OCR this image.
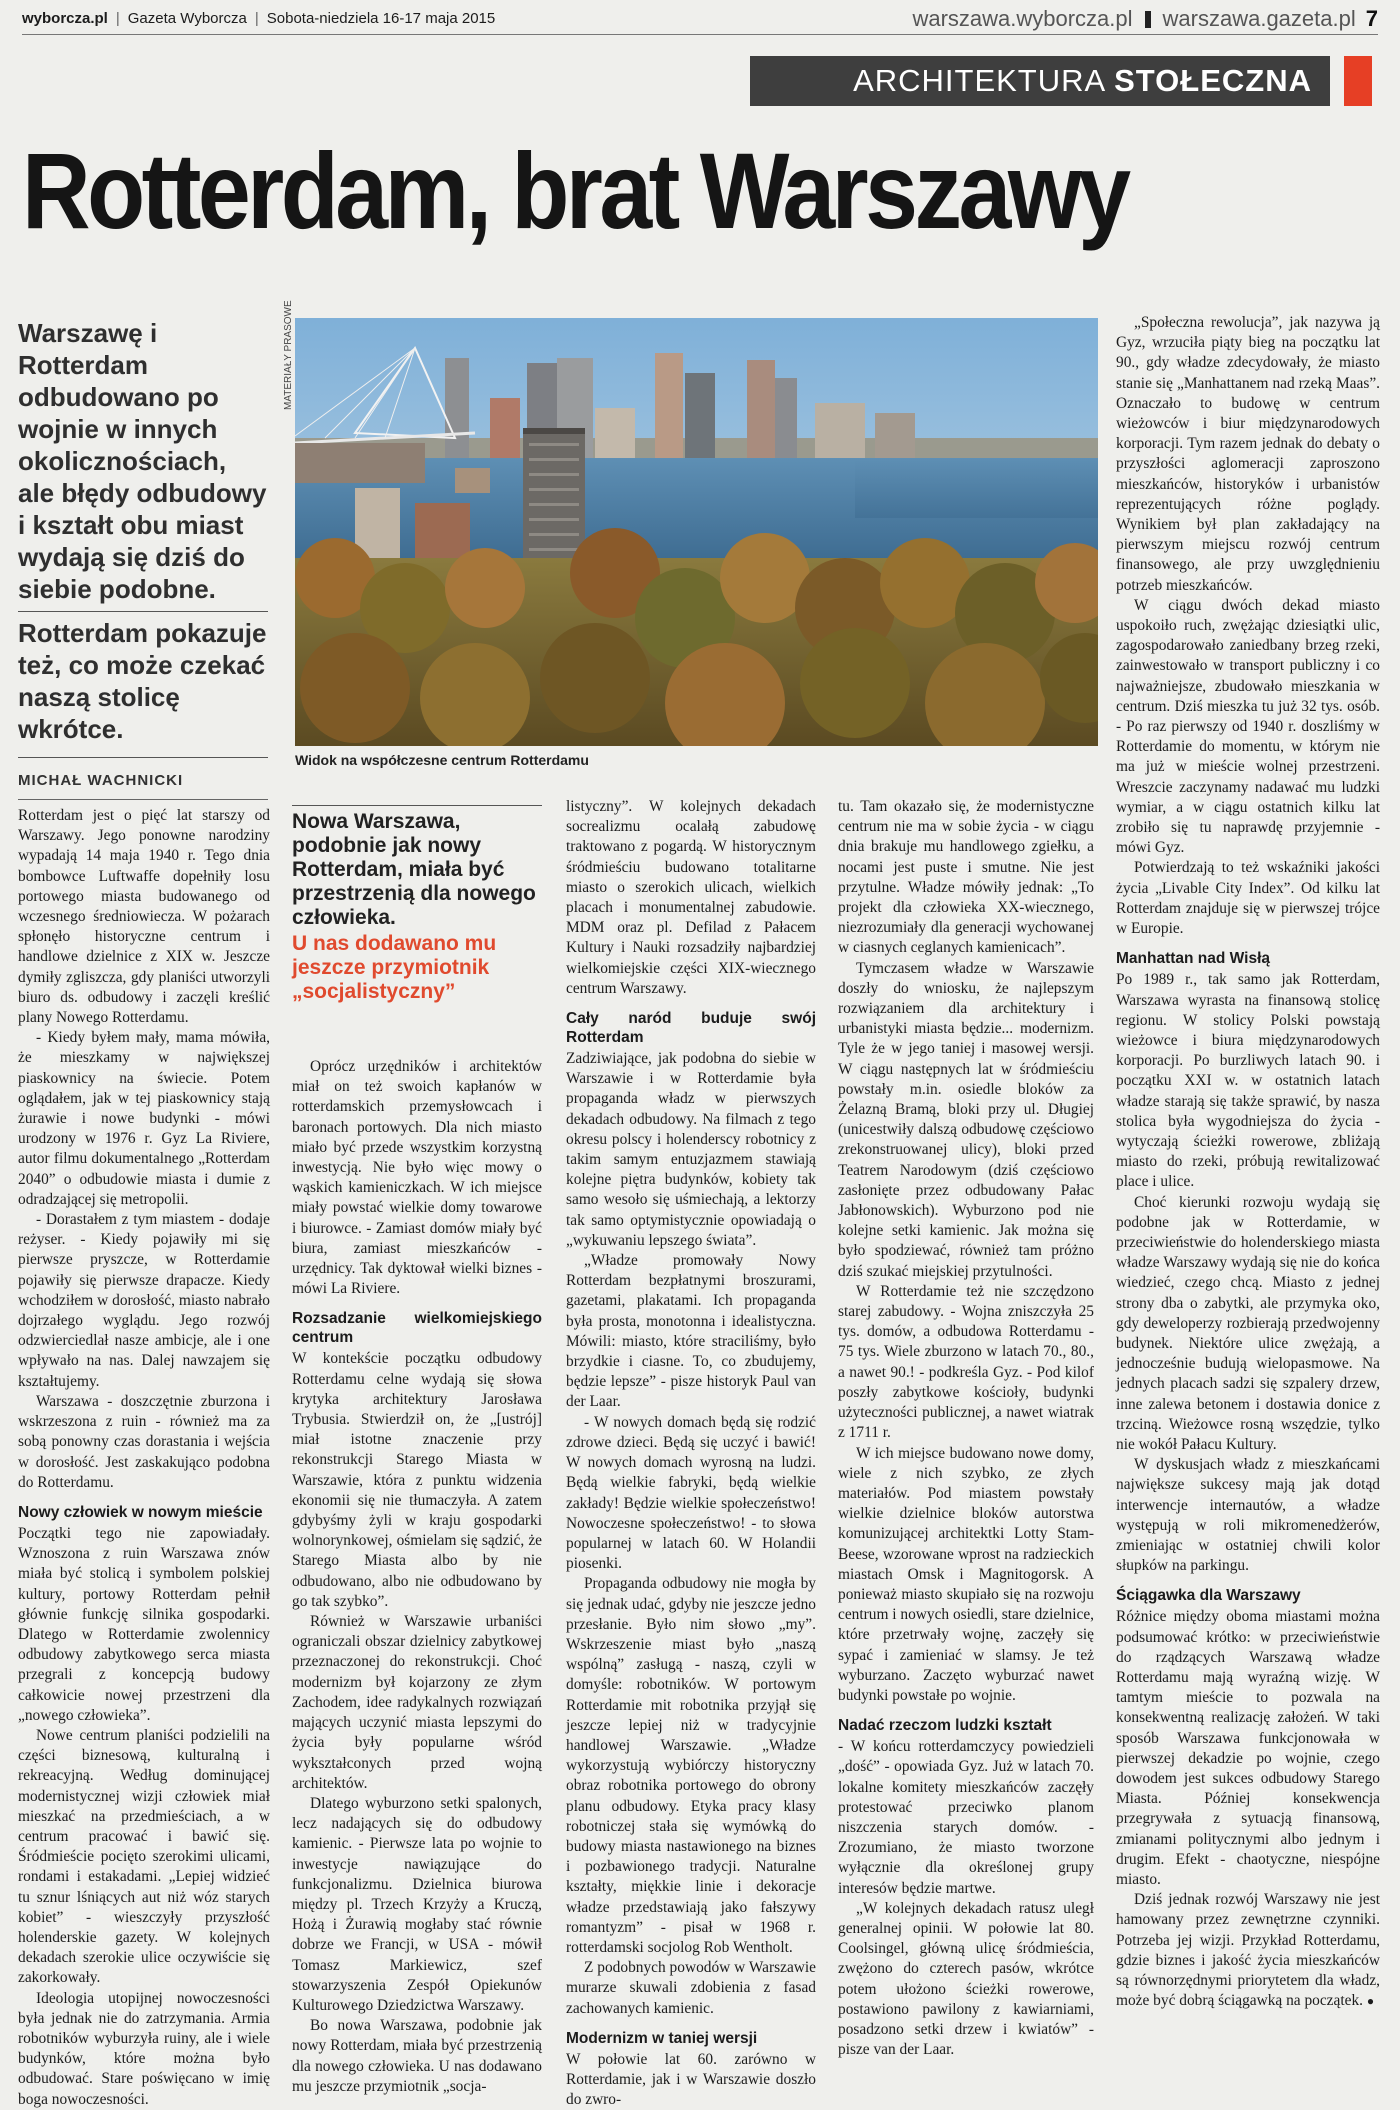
wyborcza.pl | Gazeta Wyborcza | Sobota-niedziela 16-17 maja 2015	warszawa.wyborcza.pl warszawa.gazeta.pl 7
ARCHITEKTURA STOŁECZNA
Rotterdam, brat Warszawy
Warszawę i Rotterdam odbudowano po wojnie w innych okolicznościach, ale błędy odbudowy i kształt obu miast wydają się dziś do siebie podobne.
Rotterdam pokazuje też, co może czekać naszą stolicę wkrótce.
MICHAŁ WACHNICKI
MATERIAŁY PRASOWE
Widok na współczesne centrum Rotterdamu
Nowa Warszawa, podobnie jak nowy Rotterdam, miała być przestrzenią dla nowego człowieka.
U nas dodawano mu jeszcze przymiotnik „socjalistyczny”

Rotterdam jest o pięć lat starszy od Warszawy. Jego ponowne narodziny wypadają 14 maja 1940 r. Tego dnia bombowce Luftwaffe dopełniły losu portowego miasta budowanego od wczesnego średniowiecza. W pożarach spłonęło historyczne centrum i handlowe dzielnice z XIX w. Jeszcze dymiły zgliszcza, gdy planiści utworzyli biuro ds. odbudowy i zaczęli kreślić plany Nowego Rotterdamu.

- Kiedy byłem mały, mama mówiła, że mieszkamy w największej piaskownicy na świecie. Potem oglądałem, jak w tej piaskownicy stają żurawie i nowe budynki - mówi urodzony w 1976 r. Gyz La Riviere, autor filmu dokumentalnego „Rotterdam 2040” o odbudowie miasta i dumie z odradzającej się metropolii.

- Dorastałem z tym miastem - dodaje reżyser. - Kiedy pojawiły mi się pierwsze pryszcze, w Rotterdamie pojawiły się pierwsze drapacze. Kiedy wchodziłem w dorosłość, miasto nabrało dojrzałego wyglądu. Jego rozwój odzwierciedlał nasze ambicje, ale i one wpływało na nas. Dalej nawzajem się kształtujemy.

Warszawa - doszczętnie zburzona i wskrzeszona z ruin - również ma za sobą ponowny czas dorastania i wejścia w dorosłość. Jest zaskakująco podobna do Rotterdamu.

Nowy człowiek w nowym mieście

Początki tego nie zapowiadały. Wznoszona z ruin Warszawa znów miała być stolicą i symbolem polskiej kultury, portowy Rotterdam pełnił głównie funkcję silnika gospodarki. Dlatego w Rotterdamie zwolennicy odbudowy zabytkowego serca miasta przegrali z koncepcją budowy całkowicie nowej przestrzeni dla „nowego człowieka”.

Nowe centrum planiści podzielili na części biznesową, kulturalną i rekreacyjną. Według dominującej modernistycznej wizji człowiek miał mieszkać na przedmieściach, a w centrum pracować i bawić się. Śródmieście pocięto szerokimi ulicami, rondami i estakadami. „Lepiej widzieć tu sznur lśniących aut niż wóz starych kobiet” - wieszczyły przyszłość holenderskie gazety. W kolejnych dekadach szerokie ulice oczywiście się zakorkowały.

Ideologia utopijnej nowoczesności była jednak nie do zatrzymania. Armia robotników wyburzyła ruiny, ale i wiele budynków, które można było odbudować. Stare poświęcano w imię boga nowoczesności.

Oprócz urzędników i architektów miał on też swoich kapłanów w rotterdamskich przemysłowcach i baronach portowych. Dla nich miasto miało być przede wszystkim korzystną inwestycją. Nie było więc mowy o wąskich kamieniczkach. W ich miejsce miały powstać wielkie domy towarowe i biurowce. - Zamiast domów miały być biura, zamiast mieszkańców - urzędnicy. Tak dyktował wielki biznes - mówi La Riviere.

Rozsadzanie wielkomiejskiego centrum

W kontekście początku odbudowy Rotterdamu celne wydają się słowa krytyka architektury Jarosława Trybusia. Stwierdził on, że „[ustrój] miał istotne znaczenie przy rekonstrukcji Starego Miasta w Warszawie, która z punktu widzenia ekonomii się nie tłumaczyła. A zatem gdybyśmy żyli w kraju gospodarki wolnorynkowej, ośmielam się sądzić, że Starego Miasta albo by nie odbudowano, albo nie odbudowano by go tak szybko”.

Również w Warszawie urbaniści ograniczali obszar dzielnicy zabytkowej przeznaczonej do rekonstrukcji. Choć modernizm był kojarzony ze złym Zachodem, idee radykalnych rozwiązań mających uczynić miasta lepszymi do życia były popularne wśród wykształconych przed wojną architektów.

Dlatego wyburzono setki spalonych, lecz nadających się do odbudowy kamienic. - Pierwsze lata po wojnie to inwestycje nawiązujące do funkcjonalizmu. Dzielnica biurowa między pl. Trzech Krzyży a Kruczą, Hożą i Żurawią mogłaby stać równie dobrze we Francji, w USA - mówił Tomasz Markiewicz, szef stowarzyszenia Zespół Opiekunów Kulturowego Dziedzictwa Warszawy.

Bo nowa Warszawa, podobnie jak nowy Rotterdam, miała być przestrzenią dla nowego człowieka. U nas dodawano mu jeszcze przymiotnik „socja-

listyczny”. W kolejnych dekadach socrealizmu ocalałą zabudowę traktowano z pogardą. W historycznym śródmieściu budowano totalitarne miasto o szerokich ulicach, wielkich placach i monumentalnej zabudowie. MDM oraz pl. Defilad z Pałacem Kultury i Nauki rozsadziły najbardziej wielkomiejskie części XIX-wiecznego centrum Warszawy.

Cały naród buduje swój Rotterdam

Zadziwiające, jak podobna do siebie w Warszawie i w Rotterdamie była propaganda władz w pierwszych dekadach odbudowy. Na filmach z tego okresu polscy i holenderscy robotnicy z takim samym entuzjazmem stawiają kolejne piętra budynków, kobiety tak samo wesoło się uśmiechają, a lektorzy tak samo optymistycznie opowiadają o „wykuwaniu lepszego świata”.

„Władze promowały Nowy Rotterdam bezpłatnymi broszurami, gazetami, plakatami. Ich propaganda była prosta, monotonna i idealistyczna. Mówili: miasto, które straciliśmy, było brzydkie i ciasne. To, co zbudujemy, będzie lepsze” - pisze historyk Paul van der Laar.

- W nowych domach będą się rodzić zdrowe dzieci. Będą się uczyć i bawić! W nowych domach wyrosną na ludzi. Będą wielkie fabryki, będą wielkie zakłady! Będzie wielkie społeczeństwo! Nowoczesne społeczeństwo! - to słowa popularnej w latach 60. W Holandii piosenki.

Propaganda odbudowy nie mogła by się jednak udać, gdyby nie jeszcze jedno przesłanie. Było nim słowo „my”. Wskrzeszenie miast było „naszą wspólną” zasługą - naszą, czyli w domyśle: robotników. W portowym Rotterdamie mit robotnika przyjął się jeszcze lepiej niż w tradycyjnie handlowej Warszawie. „Władze wykorzystują wybiórczy historyczny obraz robotnika portowego do obrony planu odbudowy. Etyka pracy klasy robotniczej stała się wymówką do budowy miasta nastawionego na biznes i pozbawionego tradycji. Naturalne kształty, miękkie linie i dekoracje władze przedstawiają jako fałszywy romantyzm” - pisał w 1968 r. rotterdamski socjolog Rob Wentholt.

Z podobnych powodów w Warszawie murarze skuwali zdobienia z fasad zachowanych kamienic.

Modernizm w taniej wersji

W połowie lat 60. zarówno w Rotterdamie, jak i w Warszawie doszło do zwro-

tu. Tam okazało się, że modernistyczne centrum nie ma w sobie życia - w ciągu dnia brakuje mu handlowego zgiełku, a nocami jest puste i smutne. Nie jest przytulne. Władze mówiły jednak: „To projekt dla człowieka XX-wiecznego, niezrozumiały dla generacji wychowanej w ciasnych ceglanych kamienicach”.

Tymczasem władze w Warszawie doszły do wniosku, że najlepszym rozwiązaniem dla architektury i urbanistyki miasta będzie... modernizm. Tyle że w jego taniej i masowej wersji. W ciągu następnych lat w śródmieściu powstały m.in. osiedle bloków za Żelazną Bramą, bloki przy ul. Długiej (unicestwiły dalszą odbudowę częściowo zrekonstruowanej ulicy), bloki przed Teatrem Narodowym (dziś częściowo zasłonięte przez odbudowany Pałac Jabłonowskich). Wyburzono pod nie kolejne setki kamienic. Jak można się było spodziewać, również tam próżno dziś szukać miejskiej przytulności.

W Rotterdamie też nie szczędzono starej zabudowy. - Wojna zniszczyła 25 tys. domów, a odbudowa Rotterdamu - 75 tys. Wiele zburzono w latach 70., 80., a nawet 90.! - podkreśla Gyz. - Pod kilof poszły zabytkowe kościoły, budynki użyteczności publicznej, a nawet wiatrak z 1711 r.

W ich miejsce budowano nowe domy, wiele z nich szybko, ze złych materiałów. Pod miastem powstały wielkie dzielnice bloków autorstwa komunizującej architektki Lotty Stam-Beese, wzorowane wprost na radzieckich miastach Omsk i Magnitogorsk. A ponieważ miasto skupiało się na rozwoju centrum i nowych osiedli, stare dzielnice, które przetrwały wojnę, zaczęły się sypać i zamieniać w slamsy. Je też wyburzano. Zaczęto wyburzać nawet budynki powstałe po wojnie.

Nadać rzeczom ludzki kształt

- W końcu rotterdamczycy powiedzieli „dość” - opowiada Gyz. Już w latach 70. lokalne komitety mieszkańców zaczęły protestować przeciwko planom niszczenia starych domów. - Zrozumiano, że miasto tworzone wyłącznie dla określonej grupy interesów będzie martwe.

„W kolejnych dekadach ratusz uległ generalnej opinii. W połowie lat 80. Coolsingel, główną ulicę śródmieścia, zwężono do czterech pasów, wkrótce potem ułożono ścieżki rowerowe, postawiono pawilony z kawiarniami, posadzono setki drzew i kwiatów” - pisze van der Laar.

„Społeczna rewolucja”, jak nazywa ją Gyz, wrzuciła piąty bieg na początku lat 90., gdy władze zdecydowały, że miasto stanie się „Manhattanem nad rzeką Maas”. Oznaczało to budowę w centrum wieżowców i biur międzynarodowych korporacji. Tym razem jednak do debaty o przyszłości aglomeracji zaproszono mieszkańców, historyków i urbanistów reprezentujących różne poglądy. Wynikiem był plan zakładający na pierwszym miejscu rozwój centrum finansowego, ale przy uwzględnieniu potrzeb mieszkańców.

W ciągu dwóch dekad miasto uspokoiło ruch, zwężając dziesiątki ulic, zagospodarowało zaniedbany brzeg rzeki, zainwestowało w transport publiczny i co najważniejsze, zbudowało mieszkania w centrum. Dziś mieszka tu już 32 tys. osób. - Po raz pierwszy od 1940 r. doszliśmy w Rotterdamie do momentu, w którym nie ma już w mieście wolnej przestrzeni. Wreszcie zaczynamy nadawać mu ludzki wymiar, a w ciągu ostatnich kilku lat zrobiło się tu naprawdę przyjemnie - mówi Gyz.

Potwierdzają to też wskaźniki jakości życia „Livable City Index”. Od kilku lat Rotterdam znajduje się w pierwszej trójce w Europie.

Manhattan nad Wisłą

Po 1989 r., tak samo jak Rotterdam, Warszawa wyrasta na finansową stolicę regionu. W stolicy Polski powstają wieżowce i biura międzynarodowych korporacji. Po burzliwych latach 90. i początku XXI w. w ostatnich latach władze starają się także sprawić, by nasza stolica była wygodniejsza do życia - wytyczają ścieżki rowerowe, zbliżają miasto do rzeki, próbują rewitalizować place i ulice.

Choć kierunki rozwoju wydają się podobne jak w Rotterdamie, w przeciwieństwie do holenderskiego miasta władze Warszawy wydają się nie do końca wiedzieć, czego chcą. Miasto z jednej strony dba o zabytki, ale przymyka oko, gdy deweloperzy rozbierają przedwojenny budynek. Niektóre ulice zwężają, a jednocześnie budują wielopasmowe. Na jednych placach sadzi się szpalery drzew, inne zalewa betonem i dostawia donice z trzciną. Wieżowce rosną wszędzie, tylko nie wokół Pałacu Kultury.

W dyskusjach władz z mieszkańcami największe sukcesy mają jak dotąd interwencje internautów, a władze występują w roli mikromenedżerów, zmieniając w ostatniej chwili kolor słupków na parkingu.

Ściągawka dla Warszawy

Różnice między oboma miastami można podsumować krótko: w przeciwieństwie do rządzących Warszawą władze Rotterdamu mają wyraźną wizję. W tamtym mieście to pozwala na konsekwentną realizację założeń. W taki sposób Warszawa funkcjonowała w pierwszej dekadzie po wojnie, czego dowodem jest sukces odbudowy Starego Miasta. Później konsekwencja przegrywała z sytuacją finansową, zmianami politycznymi albo jednym i drugim. Efekt - chaotyczne, niespójne miasto.

Dziś jednak rozwój Warszawy nie jest hamowany przez zewnętrzne czynniki. Potrzeba jej wizji. Przykład Rotterdamu, gdzie biznes i jakość życia mieszkańców są równorzędnymi priorytetem dla władz, może być dobrą ściągawką na początek. ●
